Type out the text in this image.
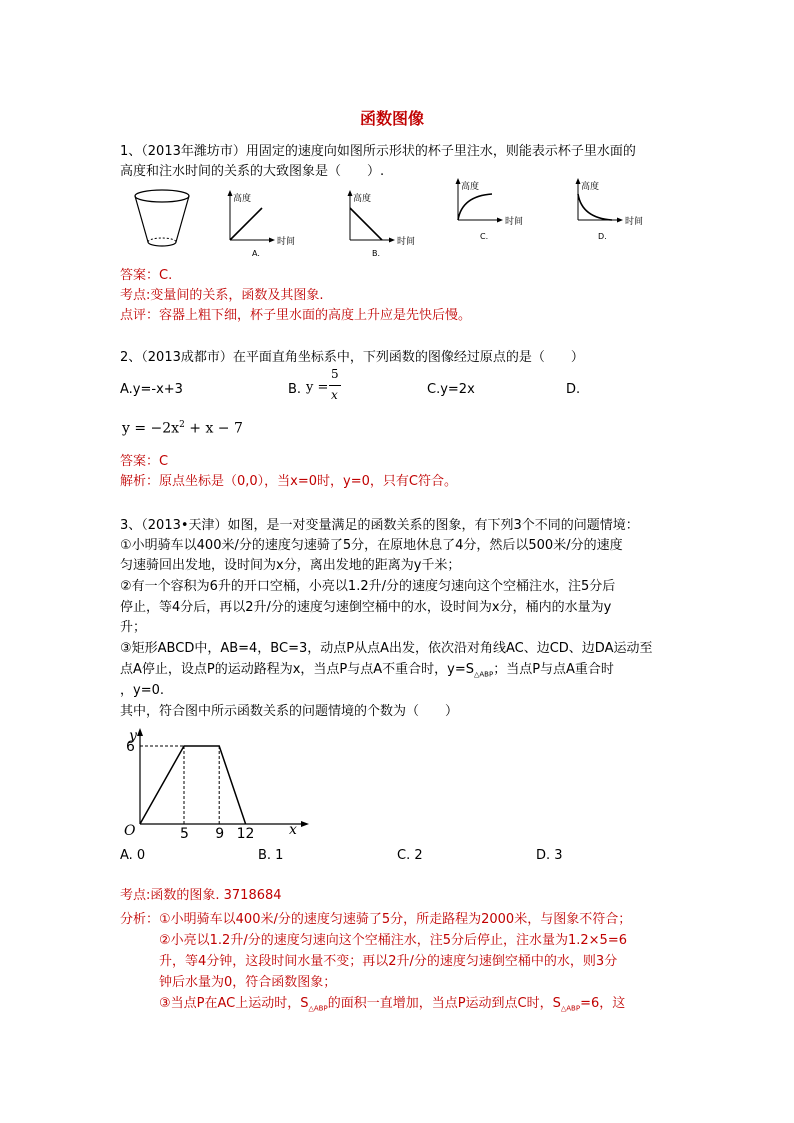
函数图像
1、（2013年潍坊市）用固定的速度向如图所示形状的杯子里注水，则能表示杯子里水面的
高度和注水时间的关系的大致图象是（　　）.
高度
时间
A.
高度
时间
B.
高度
时间
C.
高度
时间
D.
答案：C.
考点:变量间的关系，函数及其图象.
点评：容器上粗下细，杯子里水面的高度上升应是先快后慢。
2、（2013成都市）在平面直角坐标系中，下列函数的图像经过原点的是（　　）
A.y=-x+3	B. y =
5
x	C.y=2x	D.
$y = -2x^2 + x - 7$
答案：C
解析：原点坐标是（0,0），当x=0时，y=0，只有C符合。
3、（2013•天津）如图，是一对变量满足的函数关系的图象，有下列3个不同的问题情境：
①小明骑车以400米/分的速度匀速骑了5分，在原地休息了4分，然后以500米/分的速度
匀速骑回出发地，设时间为x分，离出发地的距离为y千米；
②有一个容积为6升的开口空桶，小亮以1.2升/分的速度匀速向这个空桶注水，注5分后
停止，等4分后，再以2升/分的速度匀速倒空桶中的水，设时间为x分，桶内的水量为y
升；
③矩形ABCD中，AB=4，BC=3，动点P从点A出发，依次沿对角线AC、边CD、边DA运动至
点A停止，设点P的运动路程为x，当点P与点A不重合时，$y=S_{\triangle ABP}$；当点P与点A重合时
，y=0.
其中，符合图中所示函数关系的问题情境的个数为（　　）
y
x
O
6
5 9 12
A. 0	B. 1	C. 2	D. 3
考点:函数的图象. 3718684
分析：①小明骑车以400米/分的速度匀速骑了5分，所走路程为2000米，与图象不符合；
②小亮以1.2升/分的速度匀速向这个空桶注水，注5分后停止，注水量为1.2×5=6
升，等4分钟，这段时间水量不变；再以2升/分的速度匀速倒空桶中的水，则3分
钟后水量为0，符合函数图象；
③当点P在AC上运动时，$S_{\triangle ABP}$的面积一直增加，当点P运动到点C时，$S_{\triangle ABP}=6$，这
